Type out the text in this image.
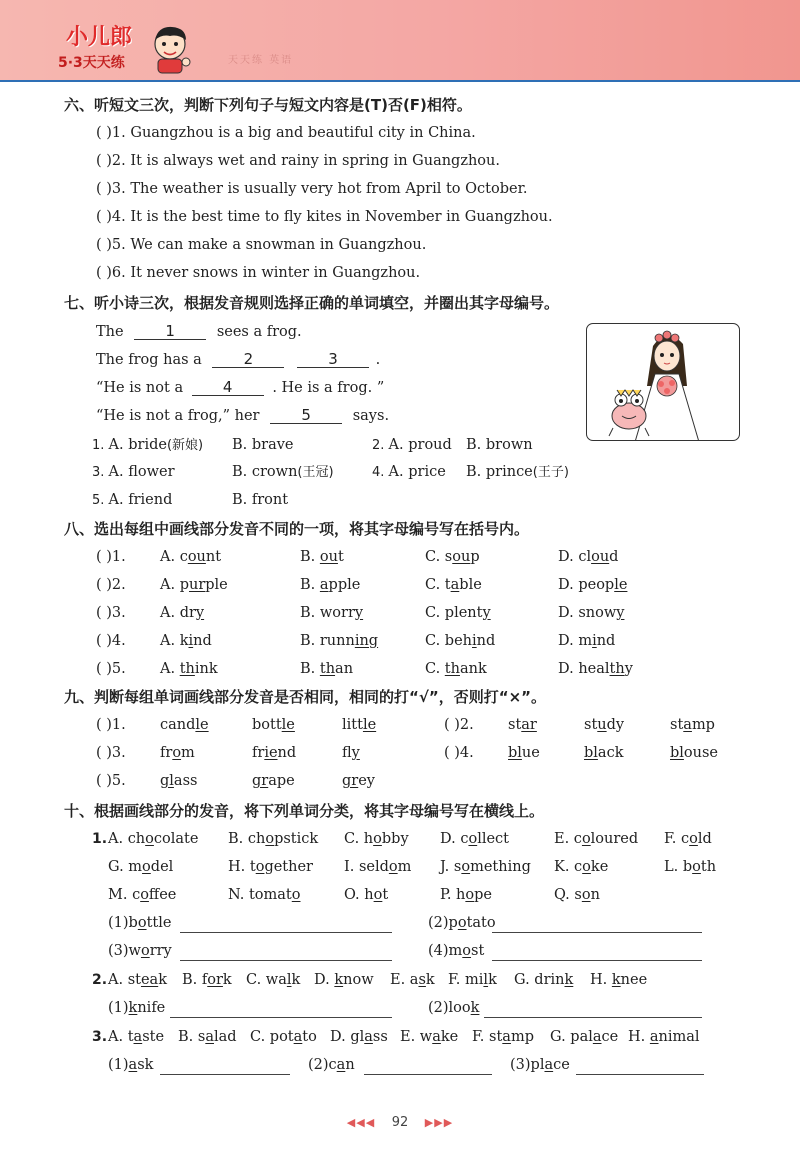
小儿郎
5·3天天练	天天练 英语
六、听短文三次，判断下列句子与短文内容是(T)否(F)相符。
( )1. Guangzhou is a big and beautiful city in China.
( )2. It is always wet and rainy in spring in Guangzhou.
( )3. The weather is usually very hot from April to October.
( )4. It is the best time to fly kites in November in Guangzhou.
( )5. We can make a snowman in Guangzhou.
( )6. It never snows in winter in Guangzhou.
七、听小诗三次，根据发音规则选择正确的单词填空，并圈出其字母编号。
The	1	sees a frog.
The frog has a	2	3	.
“He is not a	4	. He is a frog. ”
“He is not a frog,” her	5	says.
1. A. bride(新娘) B. brave	2. A. proud B. brown
3. A. flower	B. crown(王冠)	4. A. price B. prince(王子)
5. A. friend	B. front
八、选出每组中画线部分发音不同的一项，将其字母编号写在括号内。
( )1. A. count	B. out	C. soup	D. cloud
( )2. A. purple	B. apple	C. table	D. people
( )3. A. dry	B. worry	C. plenty	D. snowy
( )4. A. kind	B. running	C. behind	D. mind
( )5. A. think	B. than	C. thank	D. healthy
九、判断每组单词画线部分发音是否相同，相同的打“√”，否则打“×”。
( )1. candle	bottle	little	( )2. star	study	stamp
( )3. from	friend	fly	( )4. blue	black	blouse
( )5. glass	grape	grey
十、根据画线部分的发音，将下列单词分类，将其字母编号写在横线上。
1. A. chocolate B. chopstick C. hobby D. collect	E. coloured F. cold
G. model	H. together I. seldom J. something K. coke	L. both
M. coffee	N. tomato	O. hot	P. hope	Q. son
(1)bottle	(2)potato
(3)worry	(4)most
2. A. steak B. fork C. walk D. know E. ask F. milk G. drink H. knee
(1)knife	(2)look
3. A. taste B. salad C. potato D. glass E. wake F. stamp G. palace H. animal
(1)ask	(2)can	(3)place
◀◀◀ 92 ▶▶▶
